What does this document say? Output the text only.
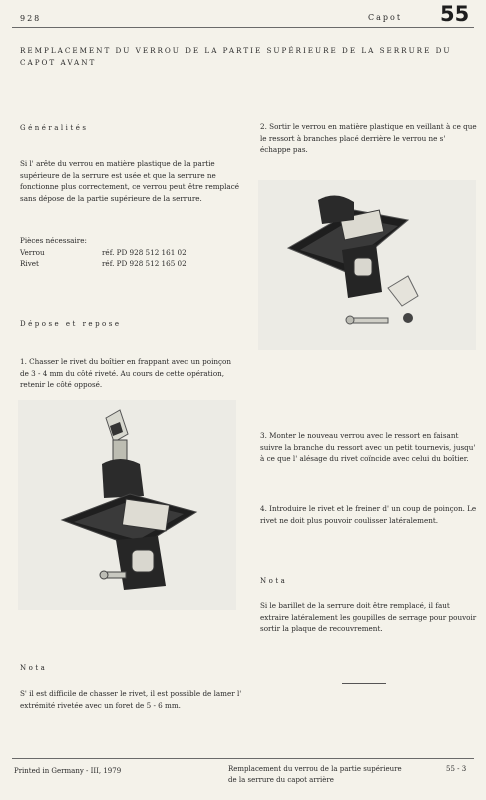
928	Capot 55
REMPLACEMENT DU VERROU DE LA PARTIE SUPÉRIEURE DE LA SERRURE DU CAPOT AVANT
Généralités
Si l' arête du verrou en matière plastique de la partie supérieure de la serrure est usée et que la serrure ne fonctionne plus correctement, ce verrou peut être remplacé sans dépose de la partie supérieure de la serrure.
Pièces nécessaire:
Verrou	réf. PD 928 512 161 02
Rivet	réf. PD 928 512 165 02
Dépose et repose
1. Chasser le rivet du boîtier en frappant avec un poinçon de 3 - 4 mm du côté riveté. Au cours de cette opération, retenir le côté opposé.
2. Sortir le verrou en matière plastique en veillant à ce que le ressort à branches placé derrière le verrou ne s' échappe pas.
3. Monter le nouveau verrou avec le ressort en faisant suivre la branche du ressort avec un petit tournevis, jusqu' à ce que l' alésage du rivet coïncide avec celui du boîtier.
4. Introduire le rivet et le freiner d' un coup de poinçon. Le rivet ne doit plus pouvoir coulisser latéralement.
Nota
Si le barillet de la serrure doit être remplacé, il faut extraire latéralement les goupilles de serrage pour pouvoir sortir la plaque de recouvrement.
Nota
S' il est difficile de chasser le rivet, il est possible de lamer l' extrémité rivetée avec un foret de 5 - 6 mm.
Printed in Germany - III, 1979	Remplacement du verrou de la partie supérieure
de la serrure du capot arrière
55 - 3
